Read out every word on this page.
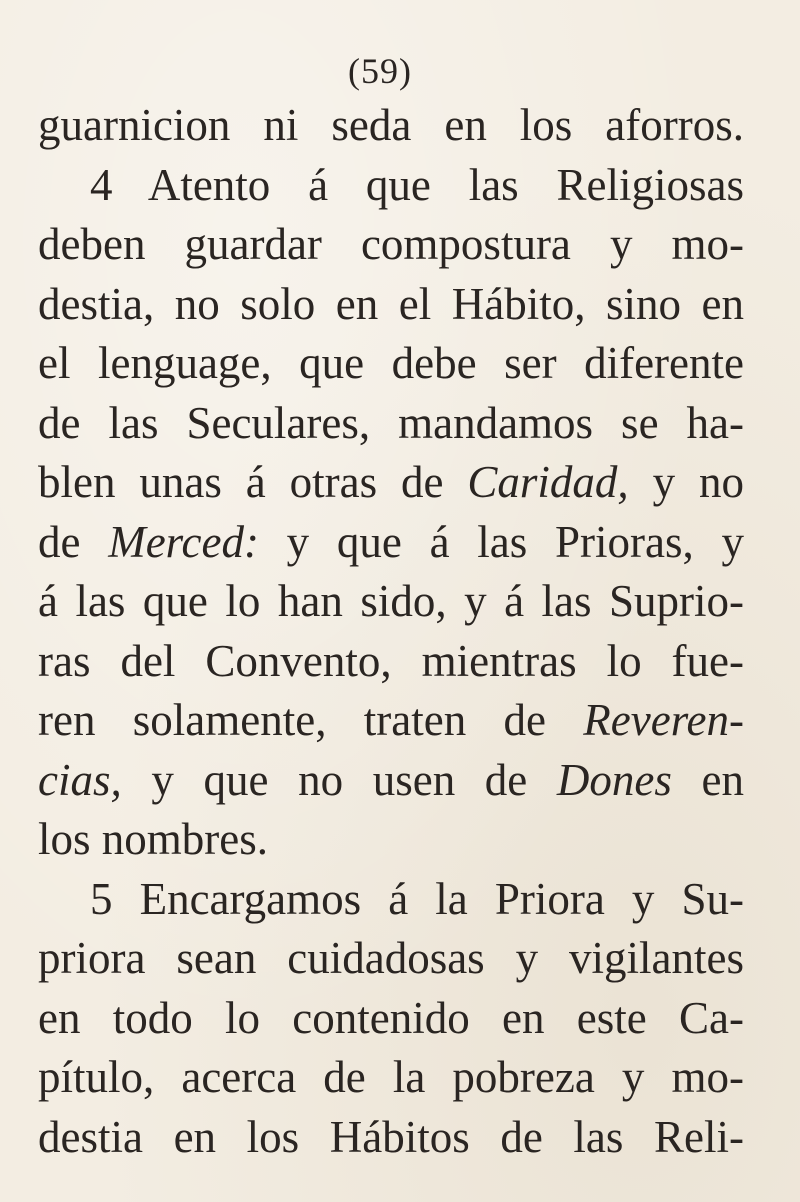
(59)
guarnicion ni seda en los aforros.
4 Atento á que las Religiosas
deben guardar compostura y mo-
destia, no solo en el Hábito, sino en
el lenguage, que debe ser diferente
de las Seculares, mandamos se ha-
blen unas á otras de Caridad, y no
de Merced: y que á las Prioras, y
á las que lo han sido, y á las Suprio-
ras del Convento, mientras lo fue-
ren solamente, traten de Reveren-
cias, y que no usen de Dones en
los nombres.
5 Encargamos á la Priora y Su-
priora sean cuidadosas y vigilantes
en todo lo contenido en este Ca-
pítulo, acerca de la pobreza y mo-
destia en los Hábitos de las Reli-
